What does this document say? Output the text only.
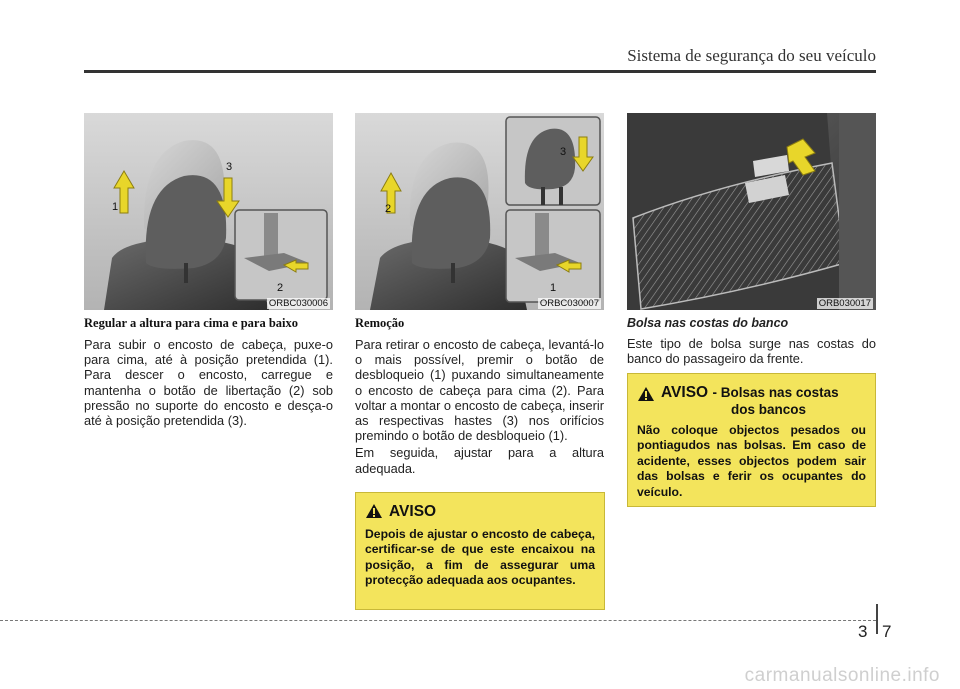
Sistema de segurança do seu veículo
1
3
2
ORBC030006
2
3
1
ORBC030007	ORB030017

Regular a altura para cima e para baixo

Para subir o encosto de cabeça, puxe-o para cima, até à posição pretendida (1). Para descer o encosto, carregue e mantenha o botão de libertação (2) sob pressão no suporte do encosto e desça-o até à posição pretendida (3).

Remoção

Para retirar o encosto de cabeça, levantá-lo o mais possível, premir o botão de desbloqueio (1) puxando simultaneamente o encosto de cabeça para cima (2). Para voltar a montar o encosto de cabeça, inserir as respectivas hastes (3) nos orifícios premindo o botão de desbloqueio (1).

Em seguida, ajustar para a altura adequada.

AVISO
Depois de ajustar o encosto de cabeça, certificar-se de que este encaixou na posição, a fim de assegurar uma protecção adequada aos ocupantes.

Bolsa nas costas do banco

Este tipo de bolsa surge nas costas do banco do passageiro da frente.

AVISO - Bolsas nas costas
dos bancos
Não coloque objectos pesados ou pontiagudos nas bolsas. Em caso de acidente, esses objectos podem sair das bolsas e ferir os ocupantes do veículo.
3 7
carmanualsonline.info
